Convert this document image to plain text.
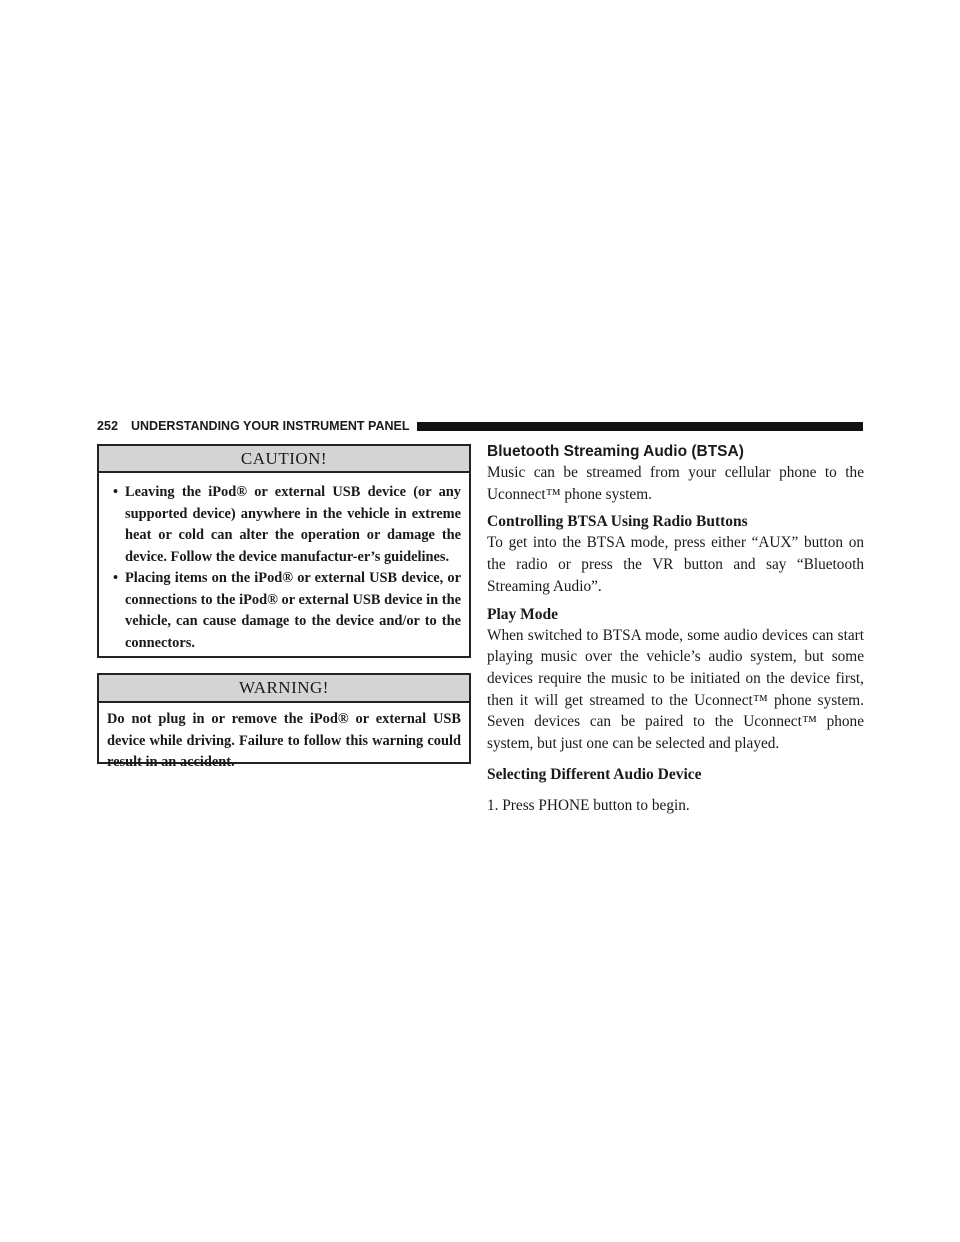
252 UNDERSTANDING YOUR INSTRUMENT PANEL
CAUTION!
• Leaving the iPod® or external USB device (or any supported device) anywhere in the vehicle in extreme heat or cold can alter the operation or damage the device. Follow the device manufactur-er’s guidelines.
• Placing items on the iPod® or external USB device, or connections to the iPod® or external USB device in the vehicle, can cause damage to the device and/or to the connectors.
WARNING!
Do not plug in or remove the iPod® or external USB device while driving. Failure to follow this warning could result in an accident.
Bluetooth Streaming Audio (BTSA)

Music can be streamed from your cellular phone to the Uconnect™ phone system.

Controlling BTSA Using Radio Buttons

To get into the BTSA mode, press either “AUX” button on the radio or press the VR button and say “Bluetooth Streaming Audio”.

Play Mode

When switched to BTSA mode, some audio devices can start playing music over the vehicle’s audio system, but some devices require the music to be initiated on the device first, then it will get streamed to the Uconnect™ phone system. Seven devices can be paired to the Uconnect™ phone system, but just one can be selected and played.

Selecting Different Audio Device

1. Press PHONE button to begin.
